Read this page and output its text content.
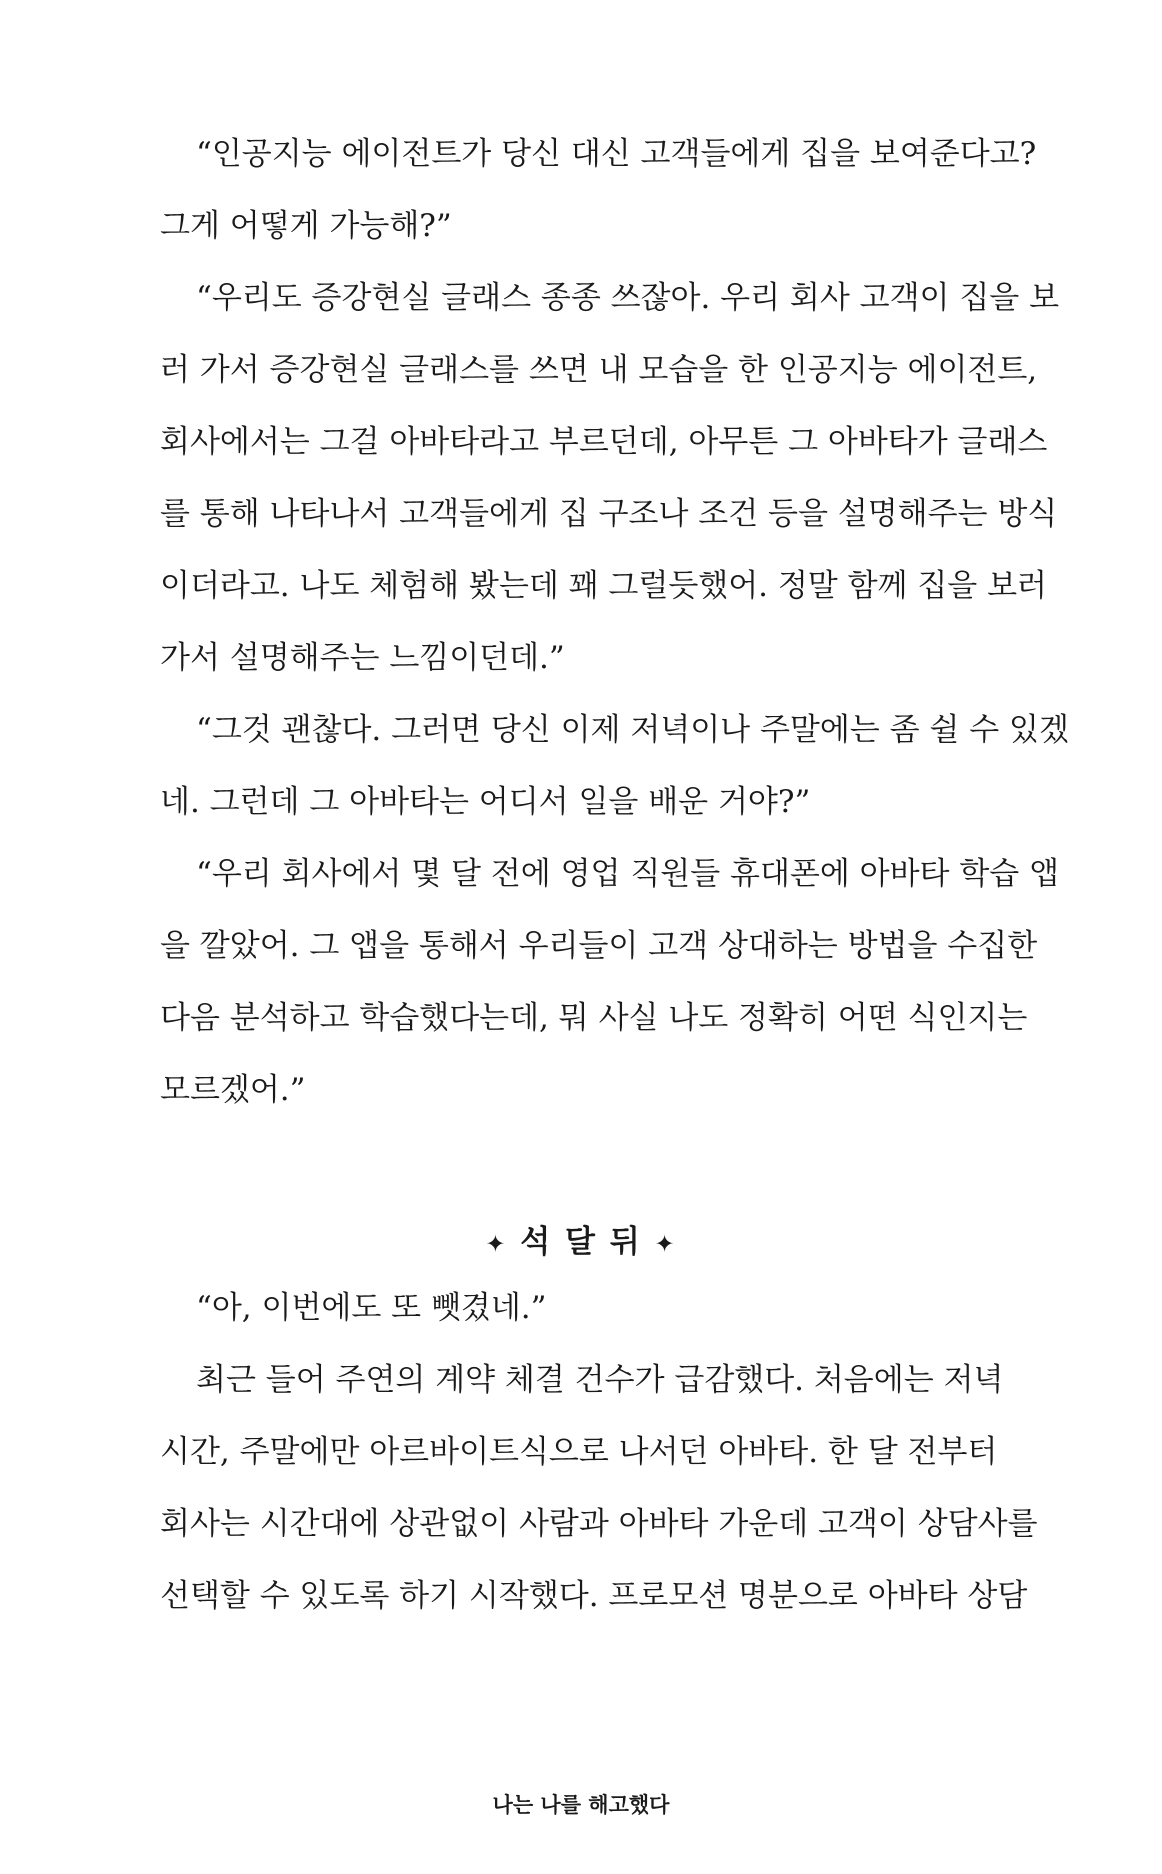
“인공지능 에이전트가 당신 대신 고객들에게 집을 보여준다고?
그게 어떻게 가능해?”
“우리도 증강현실 글래스 종종 쓰잖아. 우리 회사 고객이 집을 보
러 가서 증강현실 글래스를 쓰면 내 모습을 한 인공지능 에이전트,
회사에서는 그걸 아바타라고 부르던데, 아무튼 그 아바타가 글래스
를 통해 나타나서 고객들에게 집 구조나 조건 등을 설명해주는 방식
이더라고. 나도 체험해 봤는데 꽤 그럴듯했어. 정말 함께 집을 보러
가서 설명해주는 느낌이던데.”
“그것 괜찮다. 그러면 당신 이제 저녁이나 주말에는 좀 쉴 수 있겠
네. 그런데 그 아바타는 어디서 일을 배운 거야?”
“우리 회사에서 몇 달 전에 영업 직원들 휴대폰에 아바타 학습 앱
을 깔았어. 그 앱을 통해서 우리들이 고객 상대하는 방법을 수집한
다음 분석하고 학습했다는데, 뭐 사실 나도 정확히 어떤 식인지는
모르겠어.”
✦ 석 달 뒤 ✦
“아, 이번에도 또 뺏겼네.”
최근 들어 주연의 계약 체결 건수가 급감했다. 처음에는 저녁
시간, 주말에만 아르바이트식으로 나서던 아바타. 한 달 전부터
회사는 시간대에 상관없이 사람과 아바타 가운데 고객이 상담사를
선택할 수 있도록 하기 시작했다. 프로모션 명분으로 아바타 상담
나는 나를 해고했다
